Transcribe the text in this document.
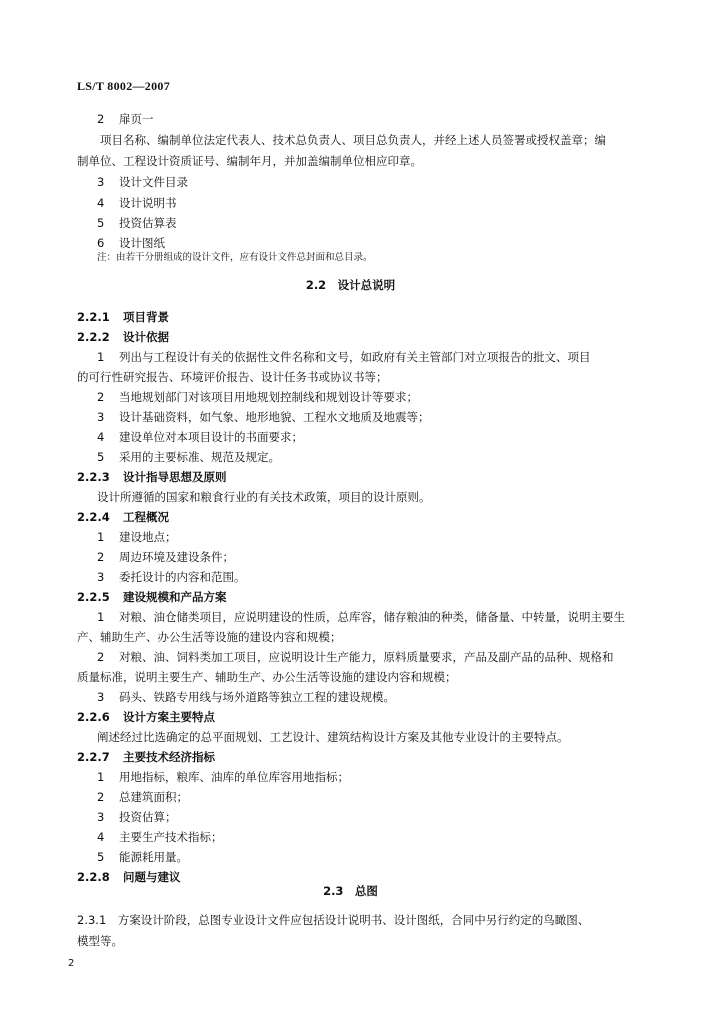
LS/T 8002—2007
2 扉页一
　　项目名称、编制单位法定代表人、技术总负责人、项目总负责人，并经上述人员签署或授权盖章；编
制单位、工程设计资质证号、编制年月，并加盖编制单位相应印章。
3 设计文件目录
4 设计说明书
5 投资估算表
6 设计图纸
2.2.1 项目背景
2.2.2 设计依据
1 列出与工程设计有关的依据性文件名称和文号，如政府有关主管部门对立项报告的批文、项目
的可行性研究报告、环境评价报告、设计任务书或协议书等；
2 当地规划部门对该项目用地规划控制线和规划设计等要求；
3 设计基础资料，如气象、地形地貌、工程水文地质及地震等；
4 建设单位对本项目设计的书面要求；
5 采用的主要标准、规范及规定。
2.2.3 设计指导思想及原则
设计所遵循的国家和粮食行业的有关技术政策，项目的设计原则。
2.2.4 工程概况
1 建设地点；
2 周边环境及建设条件；
3 委托设计的内容和范围。
2.2.5 建设规模和产品方案
1 对粮、油仓储类项目，应说明建设的性质，总库容，储存粮油的种类，储备量、中转量，说明主要生
产、辅助生产、办公生活等设施的建设内容和规模；
2 对粮、油、饲料类加工项目，应说明设计生产能力，原料质量要求，产品及副产品的品种、规格和
质量标准，说明主要生产、辅助生产、办公生活等设施的建设内容和规模；
3 码头、铁路专用线与场外道路等独立工程的建设规模。
2.2.6 设计方案主要特点
阐述经过比选确定的总平面规划、工艺设计、建筑结构设计方案及其他专业设计的主要特点。
2.2.7 主要技术经济指标
1 用地指标，粮库、油库的单位库容用地指标；
2 总建筑面积；
3 投资估算；
4 主要生产技术指标；
5 能源耗用量。
2.2.8 问题与建议
2.3.1　方案设计阶段，总图专业设计文件应包括设计说明书、设计图纸，合同中另行约定的鸟瞰图、
模型等。
2.2　设计总说明
2.3　总图
注：由若干分册组成的设计文件，应有设计文件总封面和总目录。
2
